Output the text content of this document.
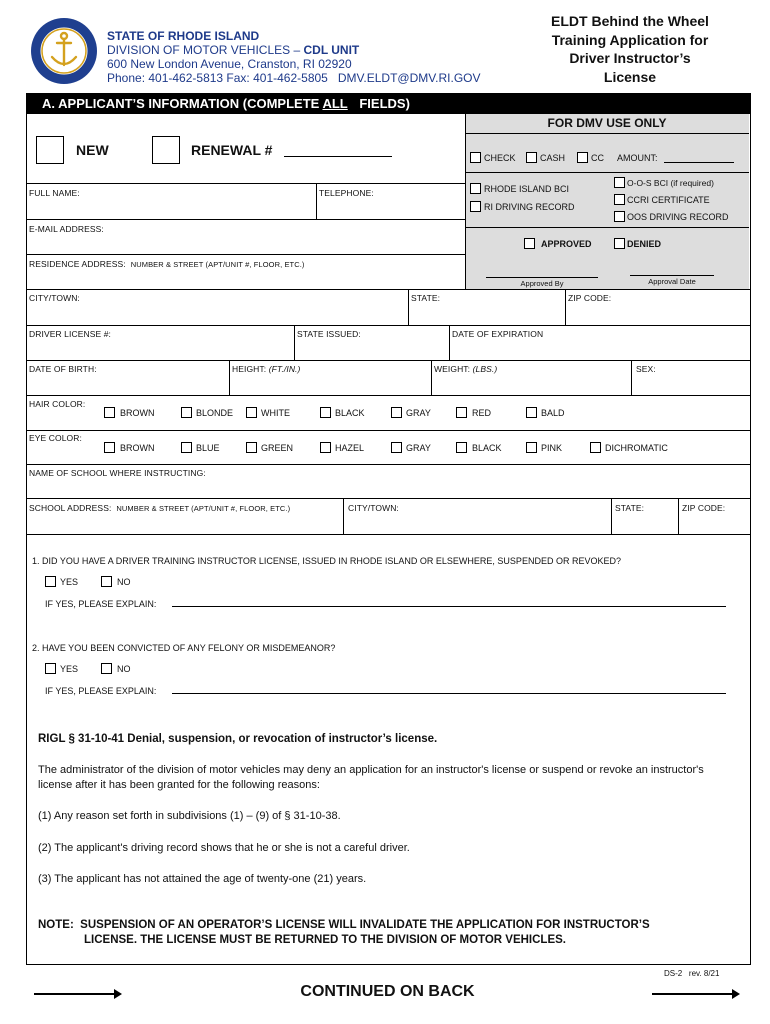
STATE OF RHODE ISLAND
DIVISION OF MOTOR VEHICLES – CDL UNIT
600 New London Avenue, Cranston, RI 02920
Phone: 401-462-5813 Fax: 401-462-5805 DMV.ELDT@DMV.RI.GOV
ELDT Behind the Wheel
Training Application for
Driver Instructor’s
License
A. APPLICANT’S INFORMATION (COMPLETE ALL FIELDS)
NEW	RENEWAL #
FOR DMV USE ONLY
CHECK	CASH	CC AMOUNT:
RHODE ISLAND BCI
RI DRIVING RECORD
O-O-S BCI (if required)
CCRI CERTIFICATE
OOS DRIVING RECORD
APPROVED	DENIED
Approved By	Approval Date
FULL NAME:	TELEPHONE:
E-MAIL ADDRESS:
RESIDENCE ADDRESS: NUMBER & STREET (APT/UNIT #, FLOOR, ETC.)
CITY/TOWN:	STATE:	ZIP CODE:
DRIVER LICENSE #:	STATE ISSUED:	DATE OF EXPIRATION
DATE OF BIRTH:	HEIGHT: (FT./IN.)	WEIGHT: (LBS.)	SEX:
HAIR COLOR:
BROWN	BLONDE	WHITE	BLACK	GRAY	RED	BALD
EYE COLOR:
BROWN	BLUE	GREEN	HAZEL	GRAY	BLACK	PINK	DICHROMATIC
NAME OF SCHOOL WHERE INSTRUCTING:
SCHOOL ADDRESS: NUMBER & STREET (APT/UNIT #, FLOOR, ETC.)	CITY/TOWN:	STATE:	ZIP CODE:
1. DID YOU HAVE A DRIVER TRAINING INSTRUCTOR LICENSE, ISSUED IN RHODE ISLAND OR ELSEWHERE, SUSPENDED OR REVOKED?
YES	NO
IF YES, PLEASE EXPLAIN:
2. HAVE YOU BEEN CONVICTED OF ANY FELONY OR MISDEMEANOR?
YES	NO
IF YES, PLEASE EXPLAIN:
RIGL § 31-10-41 Denial, suspension, or revocation of instructor’s license.
The administrator of the division of motor vehicles may deny an application for an instructor's license or suspend or revoke an instructor's license after it has been granted for the following reasons:
(1) Any reason set forth in subdivisions (1) – (9) of § 31-10-38.
(2) The applicant's driving record shows that he or she is not a careful driver.
(3) The applicant has not attained the age of twenty-one (21) years.
NOTE: SUSPENSION OF AN OPERATOR’S LICENSE WILL INVALIDATE THE APPLICATION FOR INSTRUCTOR’S
LICENSE. THE LICENSE MUST BE RETURNED TO THE DIVISION OF MOTOR VEHICLES.
DS-2 rev. 8/21
CONTINUED ON BACK
